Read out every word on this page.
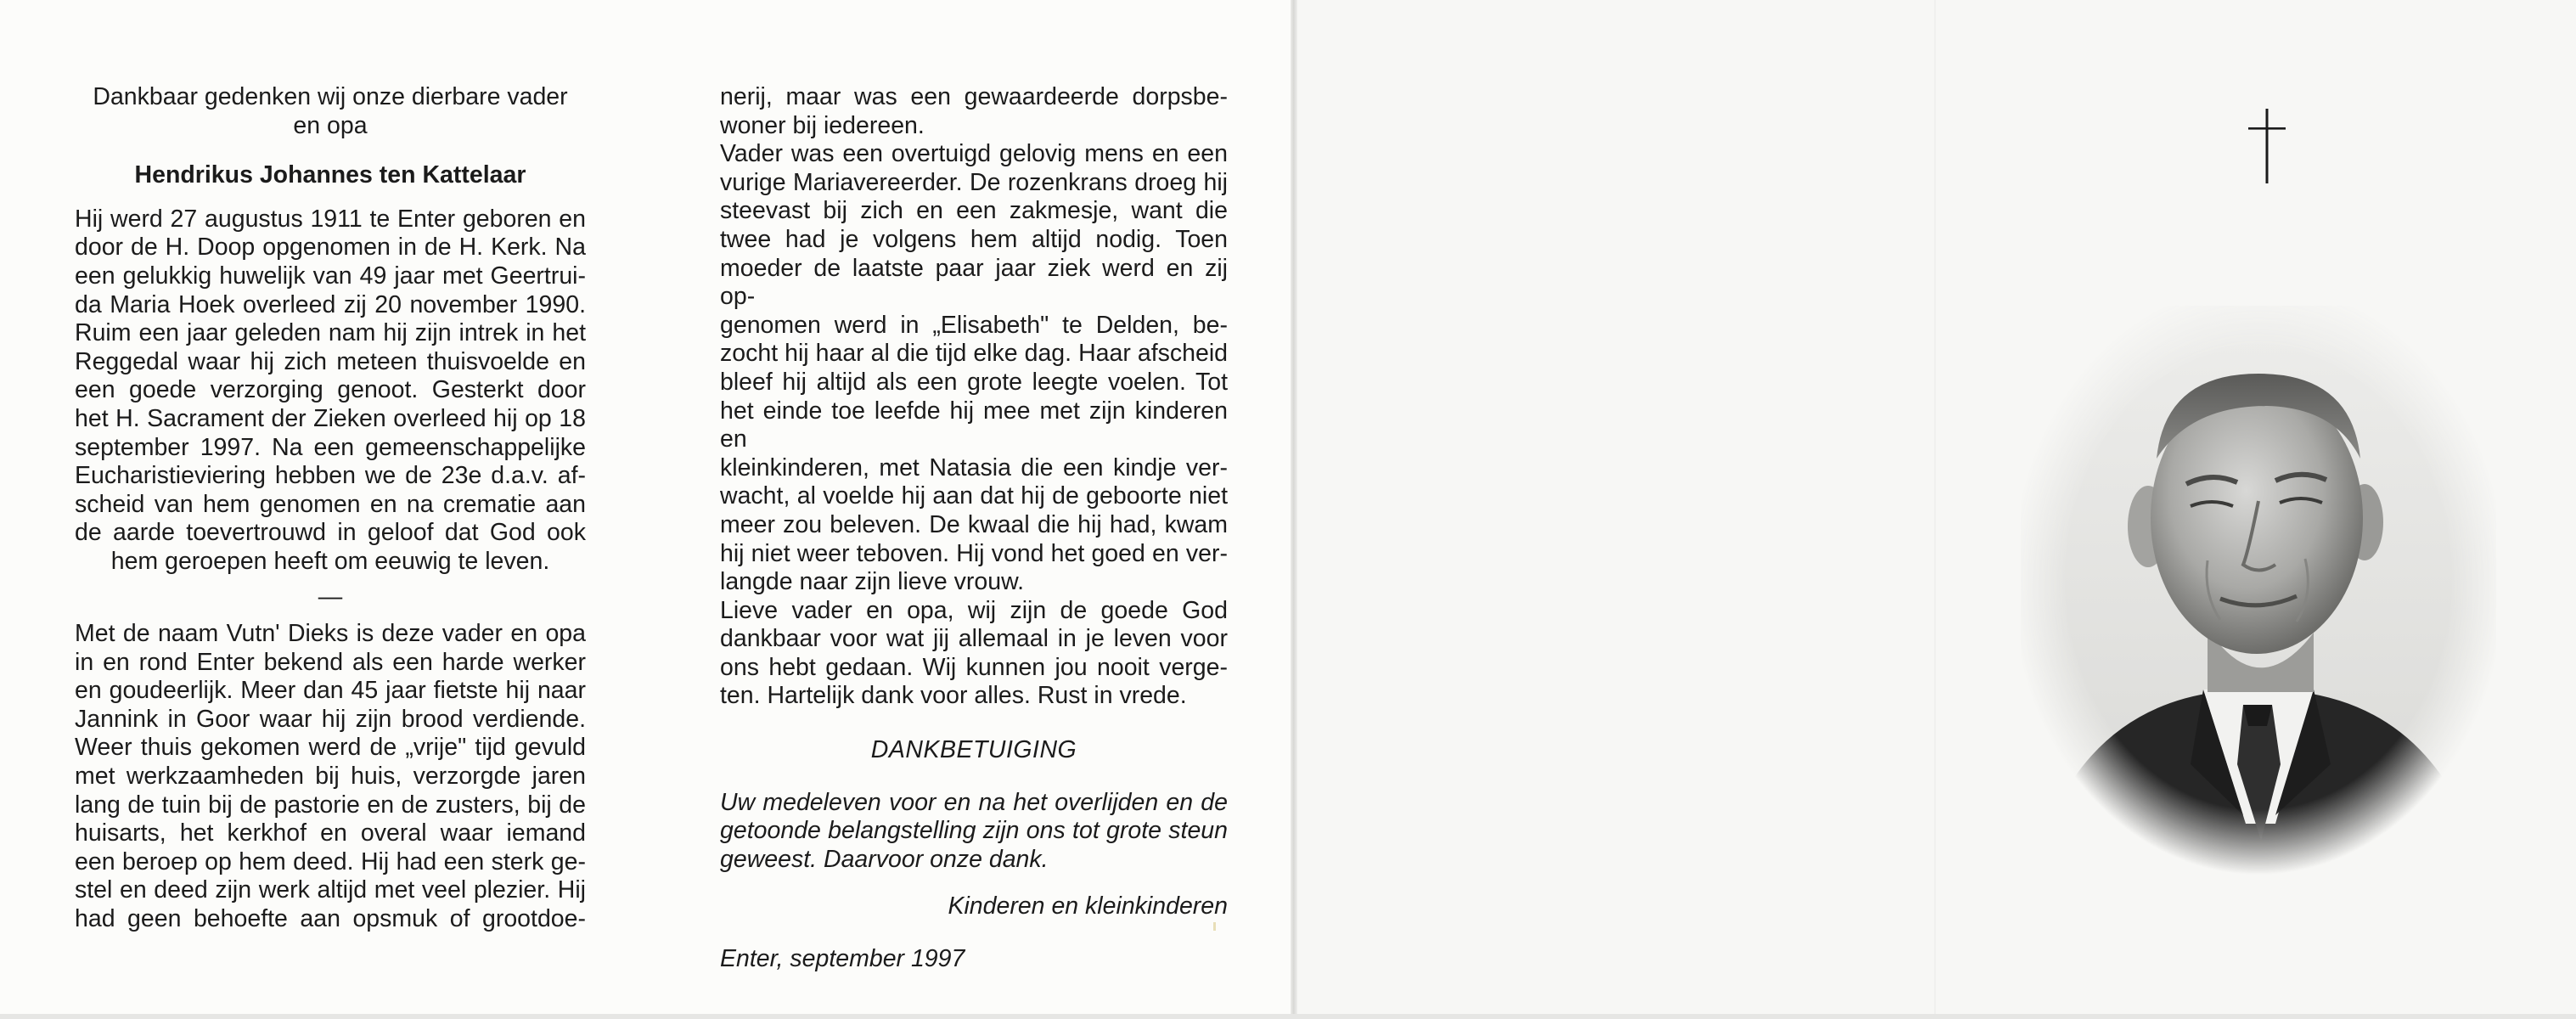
Dankbaar gedenken wij onze dierbare vader
en opa
Hendrikus Johannes ten Kattelaar
Hij werd 27 augustus 1911 te Enter geboren en
door de H. Doop opgenomen in de H. Kerk. Na
een gelukkig huwelijk van 49 jaar met Geertrui-
da Maria Hoek overleed zij 20 november 1990.
Ruim een jaar geleden nam hij zijn intrek in het
Reggedal waar hij zich meteen thuisvoelde en
een goede verzorging genoot. Gesterkt door
het H. Sacrament der Zieken overleed hij op 18
september 1997. Na een gemeenschappelijke
Eucharistieviering hebben we de 23e d.a.v. af-
scheid van hem genomen en na crematie aan
de aarde toevertrouwd in geloof dat God ook
hem geroepen heeft om eeuwig te leven.
—
Met de naam Vutn' Dieks is deze vader en opa
in en rond Enter bekend als een harde werker
en goudeerlijk. Meer dan 45 jaar fietste hij naar
Jannink in Goor waar hij zijn brood verdiende.
Weer thuis gekomen werd de „vrije" tijd gevuld
met werkzaamheden bij huis, verzorgde jaren
lang de tuin bij de pastorie en de zusters, bij de
huisarts, het kerkhof en overal waar iemand
een beroep op hem deed. Hij had een sterk ge-
stel en deed zijn werk altijd met veel plezier. Hij
had geen behoefte aan opsmuk of grootdoe-
nerij, maar was een gewaardeerde dorpsbe-
woner bij iedereen.
Vader was een overtuigd gelovig mens en een
vurige Mariavereerder. De rozenkrans droeg hij
steevast bij zich en een zakmesje, want die
twee had je volgens hem altijd nodig. Toen
moeder de laatste paar jaar ziek werd en zij op-
genomen werd in „Elisabeth" te Delden, be-
zocht hij haar al die tijd elke dag. Haar afscheid
bleef hij altijd als een grote leegte voelen. Tot
het einde toe leefde hij mee met zijn kinderen en
kleinkinderen, met Natasia die een kindje ver-
wacht, al voelde hij aan dat hij de geboorte niet
meer zou beleven. De kwaal die hij had, kwam
hij niet weer teboven. Hij vond het goed en ver-
langde naar zijn lieve vrouw.
Lieve vader en opa, wij zijn de goede God
dankbaar voor wat jij allemaal in je leven voor
ons hebt gedaan. Wij kunnen jou nooit verge-
ten. Hartelijk dank voor alles. Rust in vrede.
DANKBETUIGING
Uw medeleven voor en na het overlijden en de
getoonde belangstelling zijn ons tot grote steun
geweest. Daarvoor onze dank.
Kinderen en kleinkinderen
Enter, september 1997
